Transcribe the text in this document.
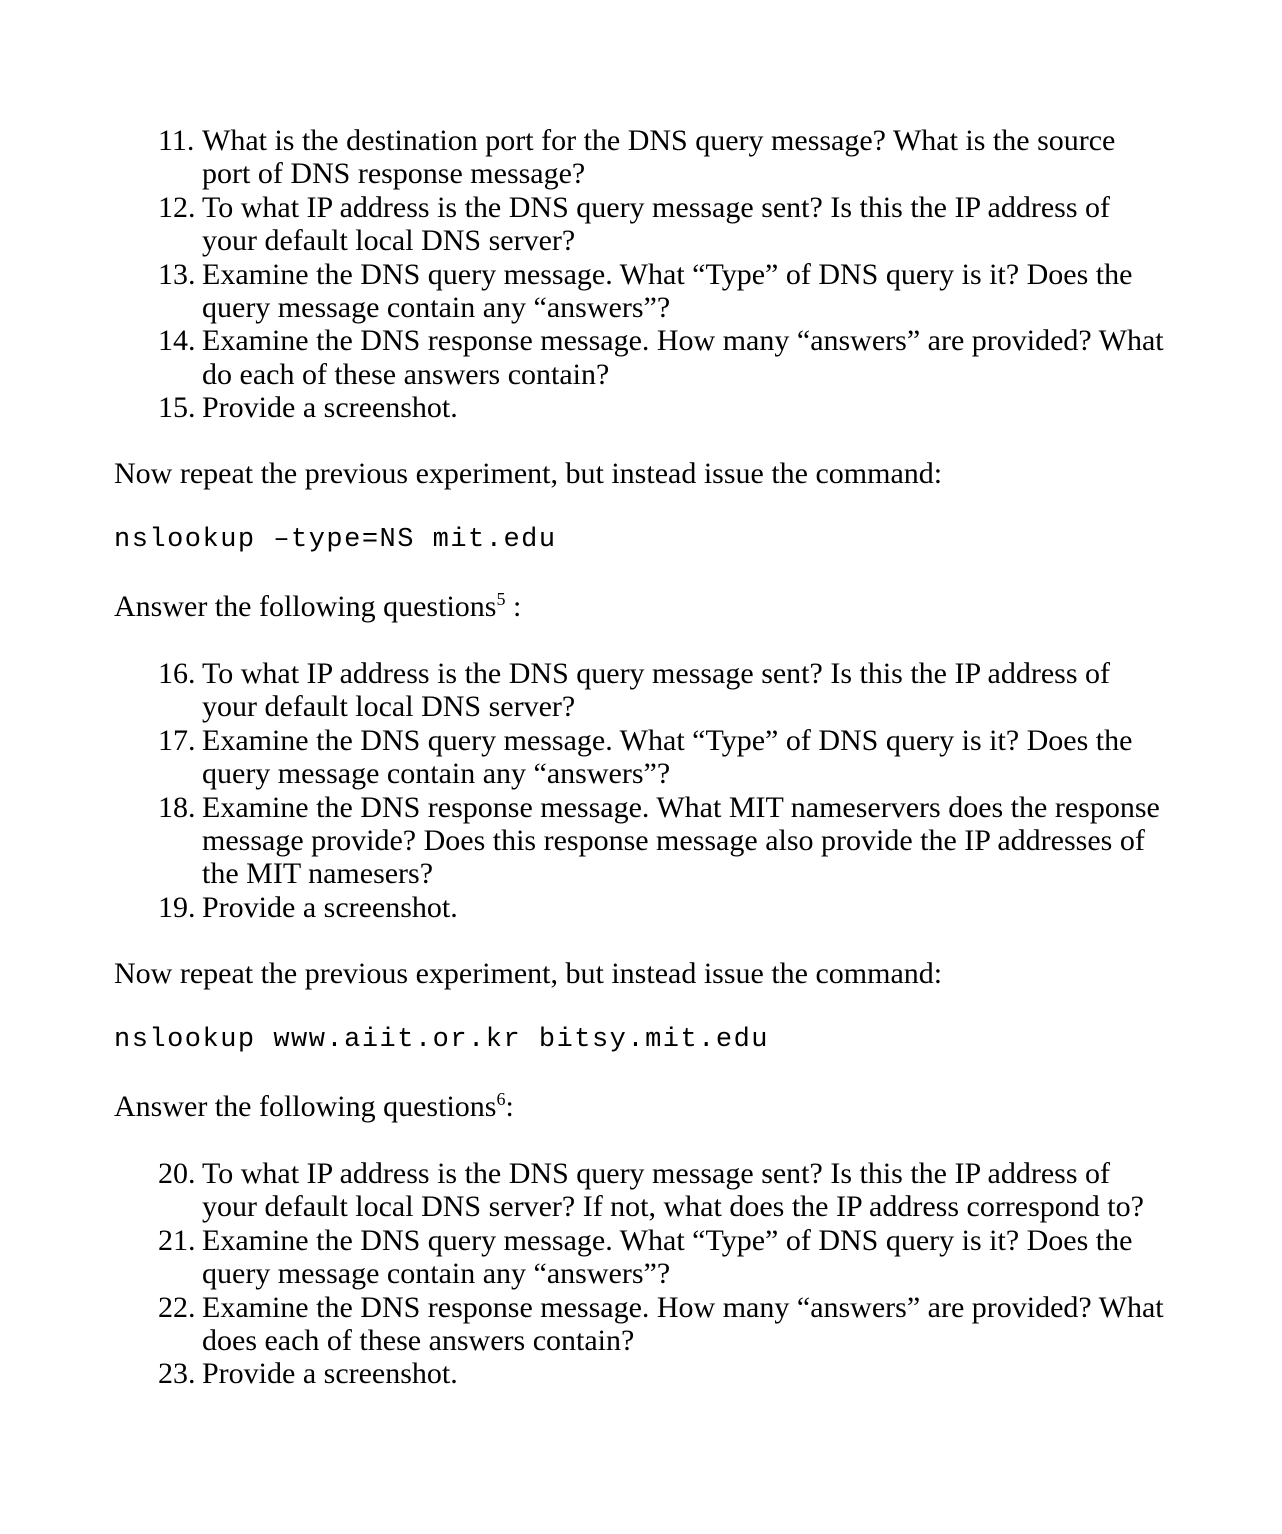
11. What is the destination port for the DNS query message? What is the source port of DNS response message?
12. To what IP address is the DNS query message sent? Is this the IP address of your default local DNS server?
13. Examine the DNS query message. What “Type” of DNS query is it? Does the query message contain any “answers”?
14. Examine the DNS response message. How many “answers” are provided? What do each of these answers contain?
15. Provide a screenshot.

Now repeat the previous experiment, but instead issue the command:

nslookup –type=NS mit.edu

Answer the following questions$^5$ :

16. To what IP address is the DNS query message sent? Is this the IP address of your default local DNS server?
17. Examine the DNS query message. What “Type” of DNS query is it? Does the query message contain any “answers”?
18. Examine the DNS response message. What MIT nameservers does the response message provide? Does this response message also provide the IP addresses of the MIT namesers?
19. Provide a screenshot.

Now repeat the previous experiment, but instead issue the command:

nslookup www.aiit.or.kr bitsy.mit.edu

Answer the following questions$^6$:

20. To what IP address is the DNS query message sent? Is this the IP address of your default local DNS server? If not, what does the IP address correspond to?
21. Examine the DNS query message. What “Type” of DNS query is it? Does the query message contain any “answers”?
22. Examine the DNS response message. How many “answers” are provided? What does each of these answers contain?
23. Provide a screenshot.
